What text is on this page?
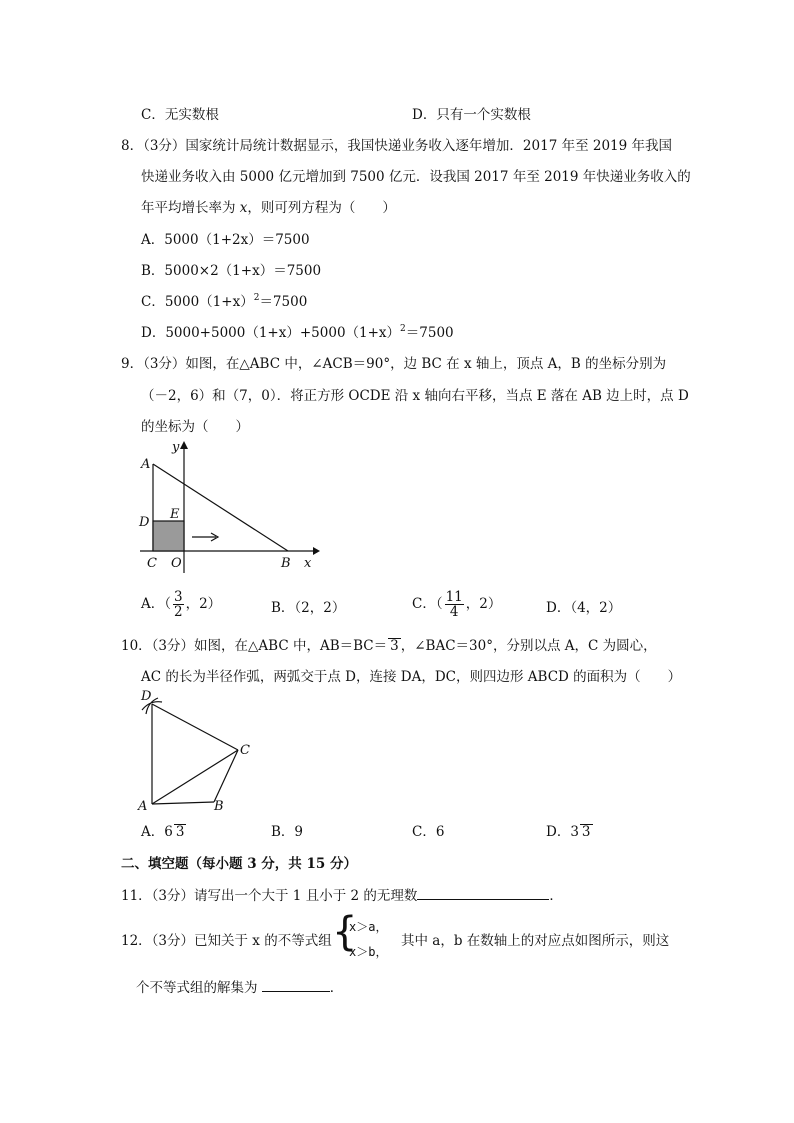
C．无实数根	D．只有一个实数根
8．（3分）国家统计局统计数据显示，我国快递业务收入逐年增加．2017 年至 2019 年我国
快递业务收入由 5000 亿元增加到 7500 亿元．设我国 2017 年至 2019 年快递业务收入的
年平均增长率为 x，则可列方程为（　　）
A．5000（1+2x）＝7500
B．5000×2（1+x）＝7500
C．$5000(1+x)^2=7500$
D．$5000+5000(1+x)+5000(1+x)^2=7500$
9．（3分）如图，在△ABC 中，∠ACB＝90°，边 BC 在 x 轴上，顶点 A，B 的坐标分别为
（－2，6）和（7，0）．将正方形 OCDE 沿 x 轴向右平移，当点 E 落在 AB 边上时，点 D
的坐标为（　　）
y
A
E
D
C O	B x
A．（ $\frac{3}{2}$ ，2）	B．（2，2）	C．（ $\frac{11}{4}$ ，2）	D．（4，2）
10．（3分）如图，在△ABC 中，AB＝BC＝ 3 ，∠BAC＝30°，分别以点 A，C 为圆心，
AC 的长为半径作弧，两弧交于点 D，连接 DA，DC，则四边形 ABCD 的面积为（　　）
D
C
A	B
A．6 3	B．9	C．6	D．3 3
二、填空题（每小题 3 分，共 15 分）
11．（3分）请写出一个大于 1 且小于 2 的无理数	．
12．（3分）已知关于 x 的不等式组 {
x＞a，
x＞b，
其中 a，b 在数轴上的对应点如图所示，则这
个不等式组的解集为	．
